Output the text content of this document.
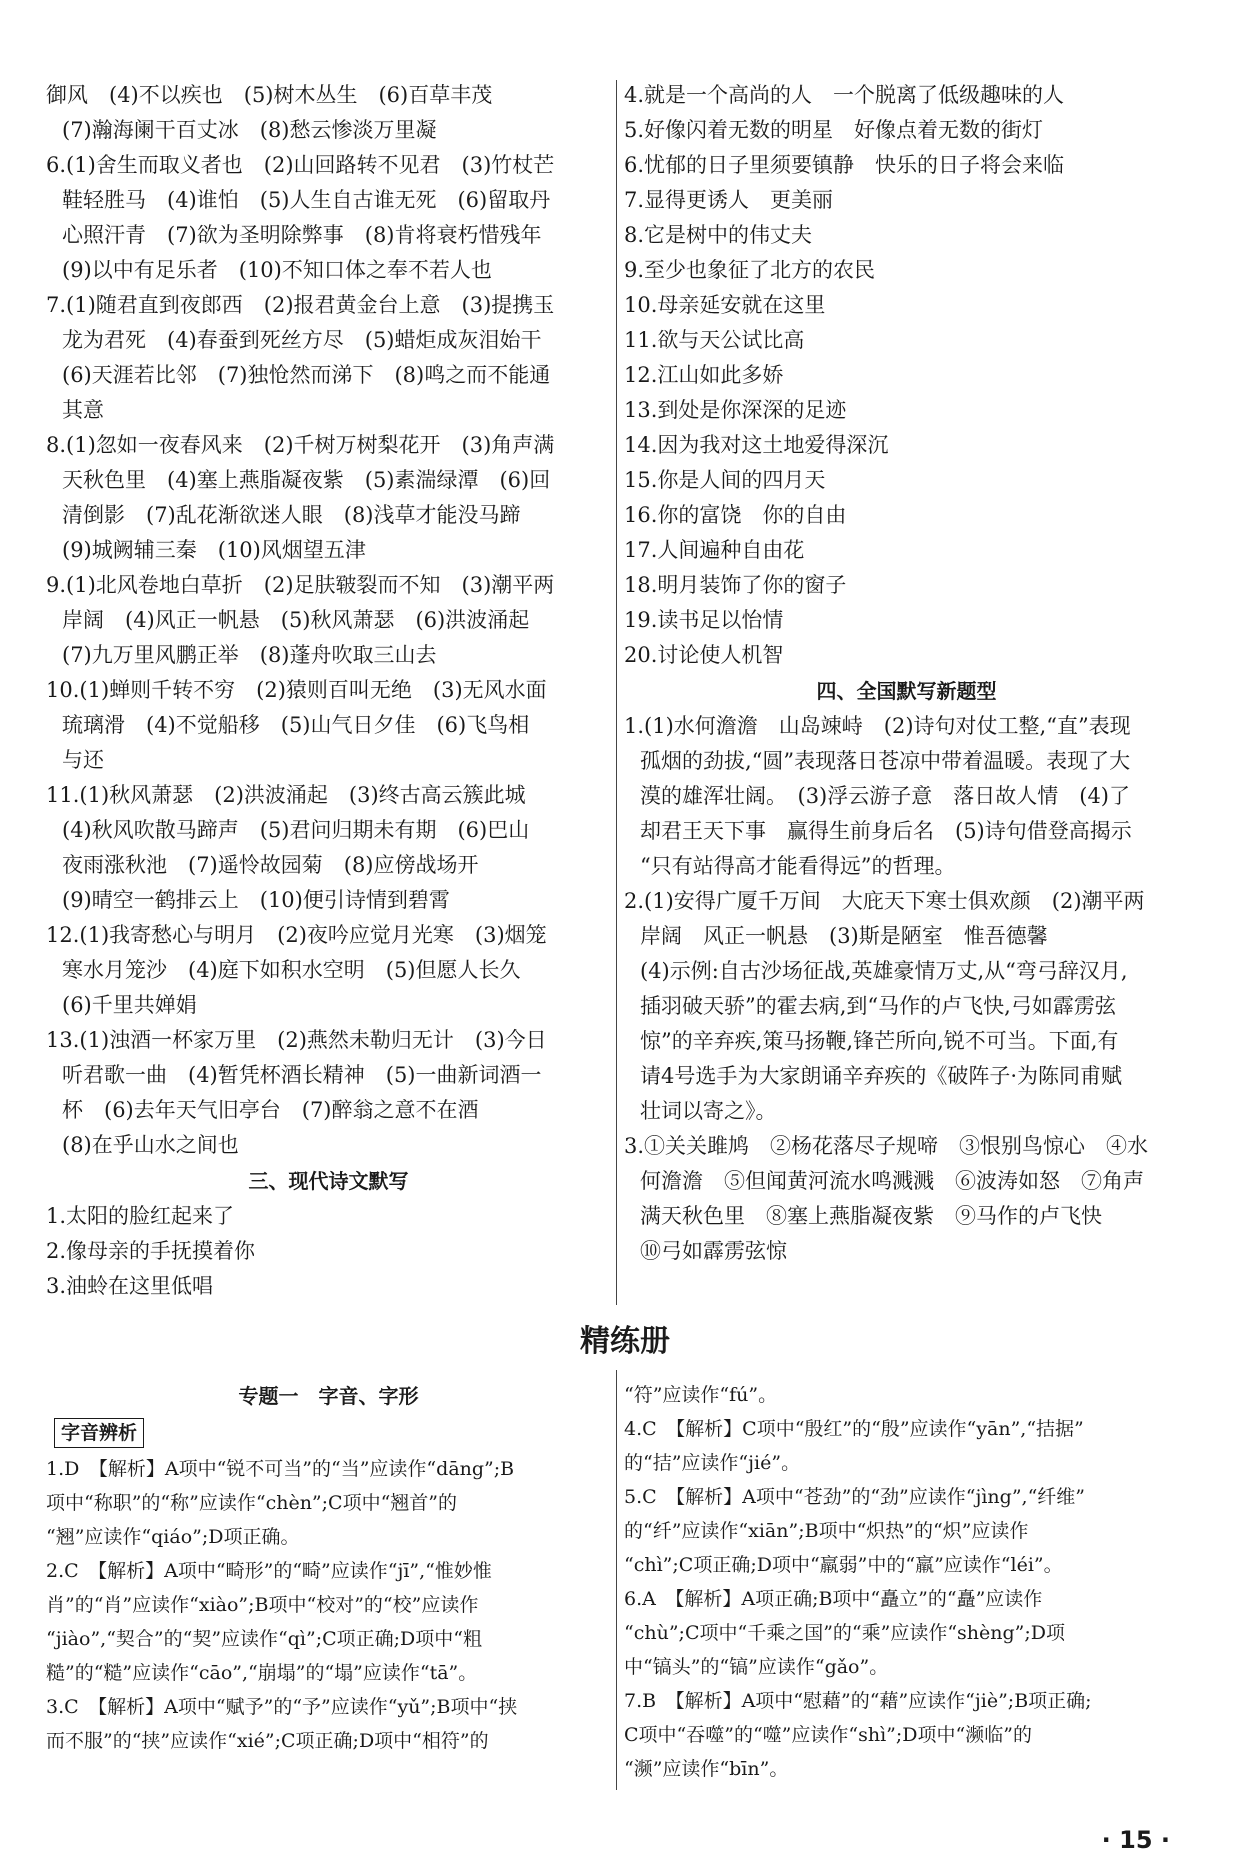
御风　(4)不以疾也　(5)树木丛生　(6)百草丰茂
(7)瀚海阑干百丈冰　(8)愁云惨淡万里凝
6.(1)舍生而取义者也　(2)山回路转不见君　(3)竹杖芒
鞋轻胜马　(4)谁怕　(5)人生自古谁无死　(6)留取丹
心照汗青　(7)欲为圣明除弊事　(8)肯将衰朽惜残年
(9)以中有足乐者　(10)不知口体之奉不若人也
7.(1)随君直到夜郎西　(2)报君黄金台上意　(3)提携玉
龙为君死　(4)春蚕到死丝方尽　(5)蜡炬成灰泪始干
(6)天涯若比邻　(7)独怆然而涕下　(8)鸣之而不能通
其意
8.(1)忽如一夜春风来　(2)千树万树梨花开　(3)角声满
天秋色里　(4)塞上燕脂凝夜紫　(5)素湍绿潭　(6)回
清倒影　(7)乱花渐欲迷人眼　(8)浅草才能没马蹄
(9)城阙辅三秦　(10)风烟望五津
9.(1)北风卷地白草折　(2)足肤皲裂而不知　(3)潮平两
岸阔　(4)风正一帆悬　(5)秋风萧瑟　(6)洪波涌起
(7)九万里风鹏正举　(8)蓬舟吹取三山去
10.(1)蝉则千转不穷　(2)猿则百叫无绝　(3)无风水面
琉璃滑　(4)不觉船移　(5)山气日夕佳　(6)飞鸟相
与还
11.(1)秋风萧瑟　(2)洪波涌起　(3)终古高云簇此城
(4)秋风吹散马蹄声　(5)君问归期未有期　(6)巴山
夜雨涨秋池　(7)遥怜故园菊　(8)应傍战场开
(9)晴空一鹤排云上　(10)便引诗情到碧霄
12.(1)我寄愁心与明月　(2)夜吟应觉月光寒　(3)烟笼
寒水月笼沙　(4)庭下如积水空明　(5)但愿人长久
(6)千里共婵娟
13.(1)浊酒一杯家万里　(2)燕然未勒归无计　(3)今日
听君歌一曲　(4)暂凭杯酒长精神　(5)一曲新词酒一
杯　(6)去年天气旧亭台　(7)醉翁之意不在酒
(8)在乎山水之间也
三、现代诗文默写
1.太阳的脸红起来了
2.像母亲的手抚摸着你
3.油蛉在这里低唱
4.就是一个高尚的人　一个脱离了低级趣味的人
5.好像闪着无数的明星　好像点着无数的街灯
6.忧郁的日子里须要镇静　快乐的日子将会来临
7.显得更诱人　更美丽
8.它是树中的伟丈夫
9.至少也象征了北方的农民
10.母亲延安就在这里
11.欲与天公试比高
12.江山如此多娇
13.到处是你深深的足迹
14.因为我对这土地爱得深沉
15.你是人间的四月天
16.你的富饶　你的自由
17.人间遍种自由花
18.明月装饰了你的窗子
19.读书足以怡情
20.讨论使人机智
四、全国默写新题型
1.(1)水何澹澹　山岛竦峙　(2)诗句对仗工整,“直”表现
孤烟的劲拔,“圆”表现落日苍凉中带着温暖。表现了大
漠的雄浑壮阔。　(3)浮云游子意　落日故人情　(4)了
却君王天下事　赢得生前身后名　(5)诗句借登高揭示
“只有站得高才能看得远”的哲理。
2.(1)安得广厦千万间　大庇天下寒士俱欢颜　(2)潮平两
岸阔　风正一帆悬　(3)斯是陋室　惟吾德馨
(4)示例:自古沙场征战,英雄豪情万丈,从“弯弓辞汉月,
插羽破天骄”的霍去病,到“马作的卢飞快,弓如霹雳弦
惊”的辛弃疾,策马扬鞭,锋芒所向,锐不可当。下面,有
请4号选手为大家朗诵辛弃疾的《破阵子·为陈同甫赋
壮词以寄之》。
3.①关关雎鸠　②杨花落尽子规啼　③恨别鸟惊心　④水
何澹澹　⑤但闻黄河流水鸣溅溅　⑥波涛如怒　⑦角声
满天秋色里　⑧塞上燕脂凝夜紫　⑨马作的卢飞快
⑩弓如霹雳弦惊
精练册
专题一　字音、字形
字音辨析
1.D　【解析】A项中“锐不可当”的“当”应读作“dāng”;B
项中“称职”的“称”应读作“chèn”;C项中“翘首”的
“翘”应读作“qiáo”;D项正确。
2.C　【解析】A项中“畸形”的“畸”应读作“jī”,“惟妙惟
肖”的“肖”应读作“xiào”;B项中“校对”的“校”应读作
“jiào”,“契合”的“契”应读作“qì”;C项正确;D项中“粗
糙”的“糙”应读作“cāo”,“崩塌”的“塌”应读作“tā”。
3.C　【解析】A项中“赋予”的“予”应读作“yǔ”;B项中“挟
而不服”的“挟”应读作“xié”;C项正确;D项中“相符”的
“符”应读作“fú”。
4.C　【解析】C项中“殷红”的“殷”应读作“yān”,“拮据”
的“拮”应读作“jié”。
5.C　【解析】A项中“苍劲”的“劲”应读作“jìng”,“纤维”
的“纤”应读作“xiān”;B项中“炽热”的“炽”应读作
“chì”;C项正确;D项中“羸弱”中的“羸”应读作“léi”。
6.A　【解析】A项正确;B项中“矗立”的“矗”应读作
“chù”;C项中“千乘之国”的“乘”应读作“shèng”;D项
中“镐头”的“镐”应读作“gǎo”。
7.B　【解析】A项中“慰藉”的“藉”应读作“jiè”;B项正确;
C项中“吞噬”的“噬”应读作“shì”;D项中“濒临”的
“濒”应读作“bīn”。
· 15 ·
